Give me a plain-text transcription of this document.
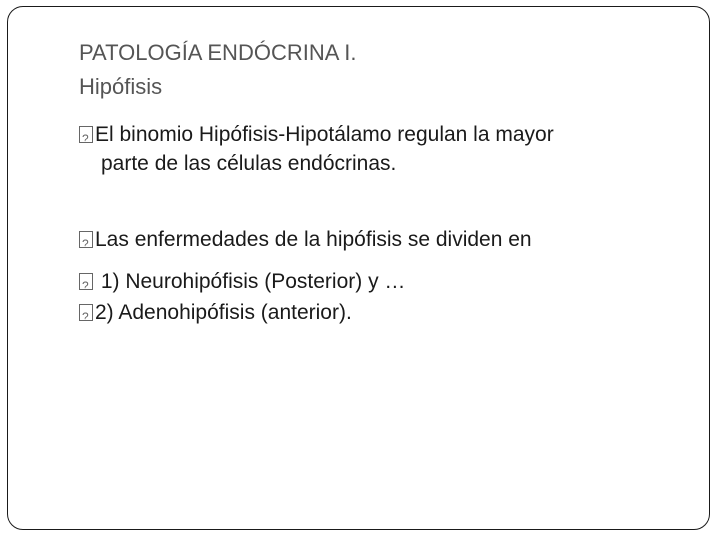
PATOLOGÍA ENDÓCRINA I.
Hipófisis
?El binomio Hipófisis-Hipotálamo regulan la mayor
parte de las células endócrinas.
?Las enfermedades de la hipófisis se dividen en
? 1) Neurohipófisis (Posterior) y …
?2) Adenohipófisis (anterior).
